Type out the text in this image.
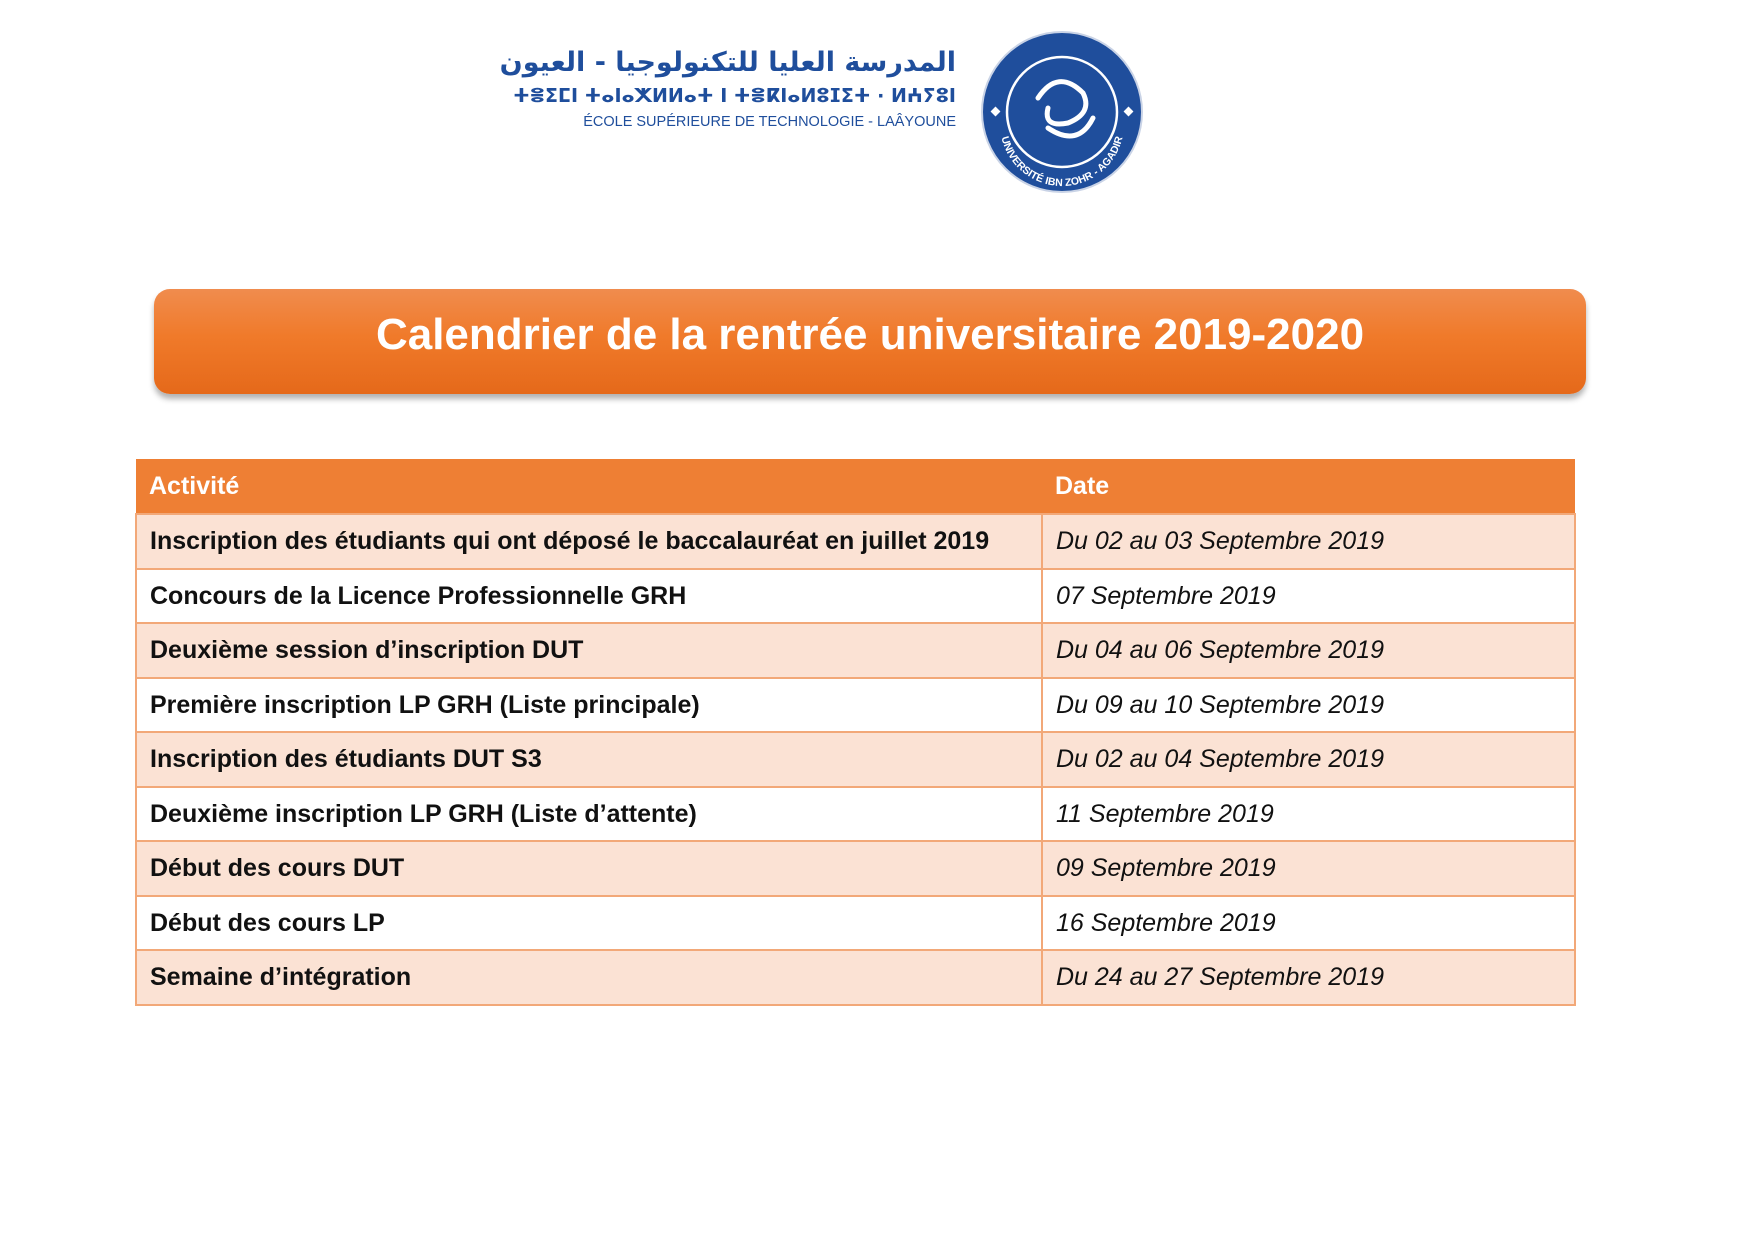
المدرسة العليا للتكنولوجيا - العيون
ⵜⴻⵉⵎⵏ ⵜⴰⵏⴰⵅⵍⵍⴰⵜ ⵏ ⵜⴻⴽⵏⴰⵍⵓⵊⵉⵜ · ⵍⵄⵢⵓⵏ
ÉCOLE SUPÉRIEURE DE TECHNOLOGIE - LAÂYOUNE
UNIVERSITÉ IBN ZOHR - AGADIR
Calendrier de la rentrée universitaire 2019-2020
Activité	Date
Inscription des étudiants qui ont déposé le baccalauréat en juillet 2019	Du 02 au 03 Septembre 2019
Concours de la Licence Professionnelle GRH	07 Septembre 2019
Deuxième session d’inscription DUT	Du 04 au 06 Septembre 2019
Première inscription LP GRH (Liste principale)	Du 09 au 10 Septembre 2019
Inscription des étudiants DUT S3	Du 02 au 04 Septembre 2019
Deuxième inscription LP GRH (Liste d’attente)	11 Septembre 2019
Début des cours DUT	09 Septembre 2019
Début des cours LP	16 Septembre 2019
Semaine d’intégration	Du 24 au 27 Septembre 2019
